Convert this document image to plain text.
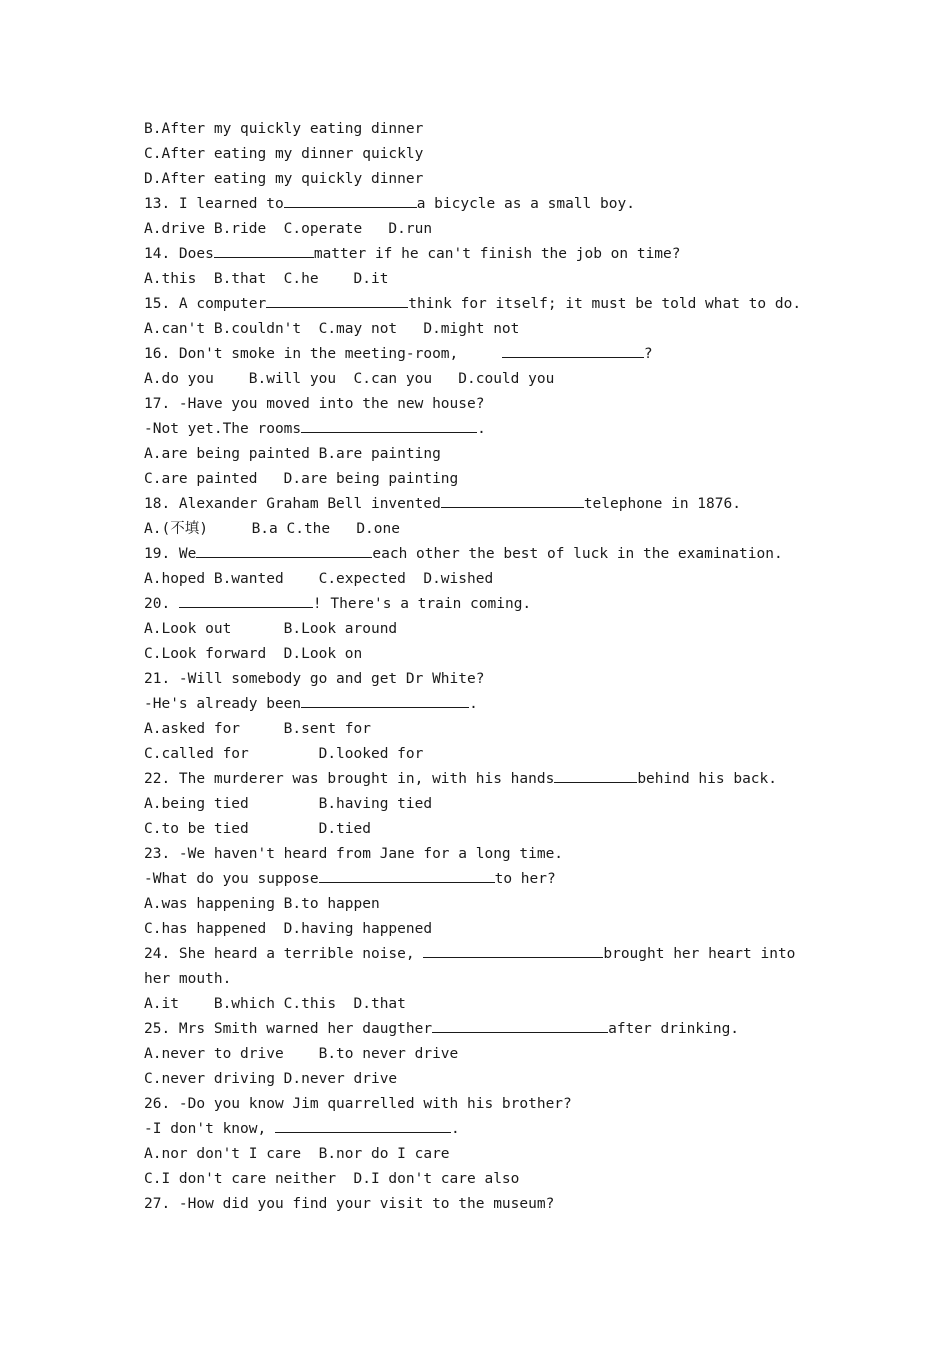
B.After my quickly eating dinner
C.After eating my dinner quickly
D.After eating my quickly dinner
13. I learned to	a bicycle as a small boy.
A.drive B.ride  C.operate   D.run
14. Does	matter if he can't finish the job on time?
A.this  B.that  C.he    D.it
15. A computer	think for itself; it must be told what to do.
A.can't B.couldn't  C.may not   D.might not
16. Don't smoke in the meeting-room,	?
A.do you    B.will you  C.can you   D.could you
17. -Have you moved into the new house?
-Not yet.The rooms	.
A.are being painted B.are painting
C.are painted   D.are being painting
18. Alexander Graham Bell invented	telephone in 1876.
A.(不填)     B.a C.the   D.one
19. We	each other the best of luck in the examination.
A.hoped B.wanted    C.expected  D.wished
20.	! There's a train coming.
A.Look out      B.Look around
C.Look forward  D.Look on
21. -Will somebody go and get Dr White?
-He's already been	.
A.asked for     B.sent for
C.called for        D.looked for
22. The murderer was brought in, with his hands	behind his back.
A.being tied        B.having tied
C.to be tied        D.tied
23. -We haven't heard from Jane for a long time.
-What do you suppose	to her?
A.was happening B.to happen
C.has happened  D.having happened
24. She heard a terrible noise,	brought her heart into
her mouth.
A.it    B.which C.this  D.that
25. Mrs Smith warned her daugther	after drinking.
A.never to drive    B.to never drive
C.never driving D.never drive
26. -Do you know Jim quarrelled with his brother?
-I don't know,	.
A.nor don't I care  B.nor do I care
C.I don't care neither  D.I don't care also
27. -How did you find your visit to the museum?
